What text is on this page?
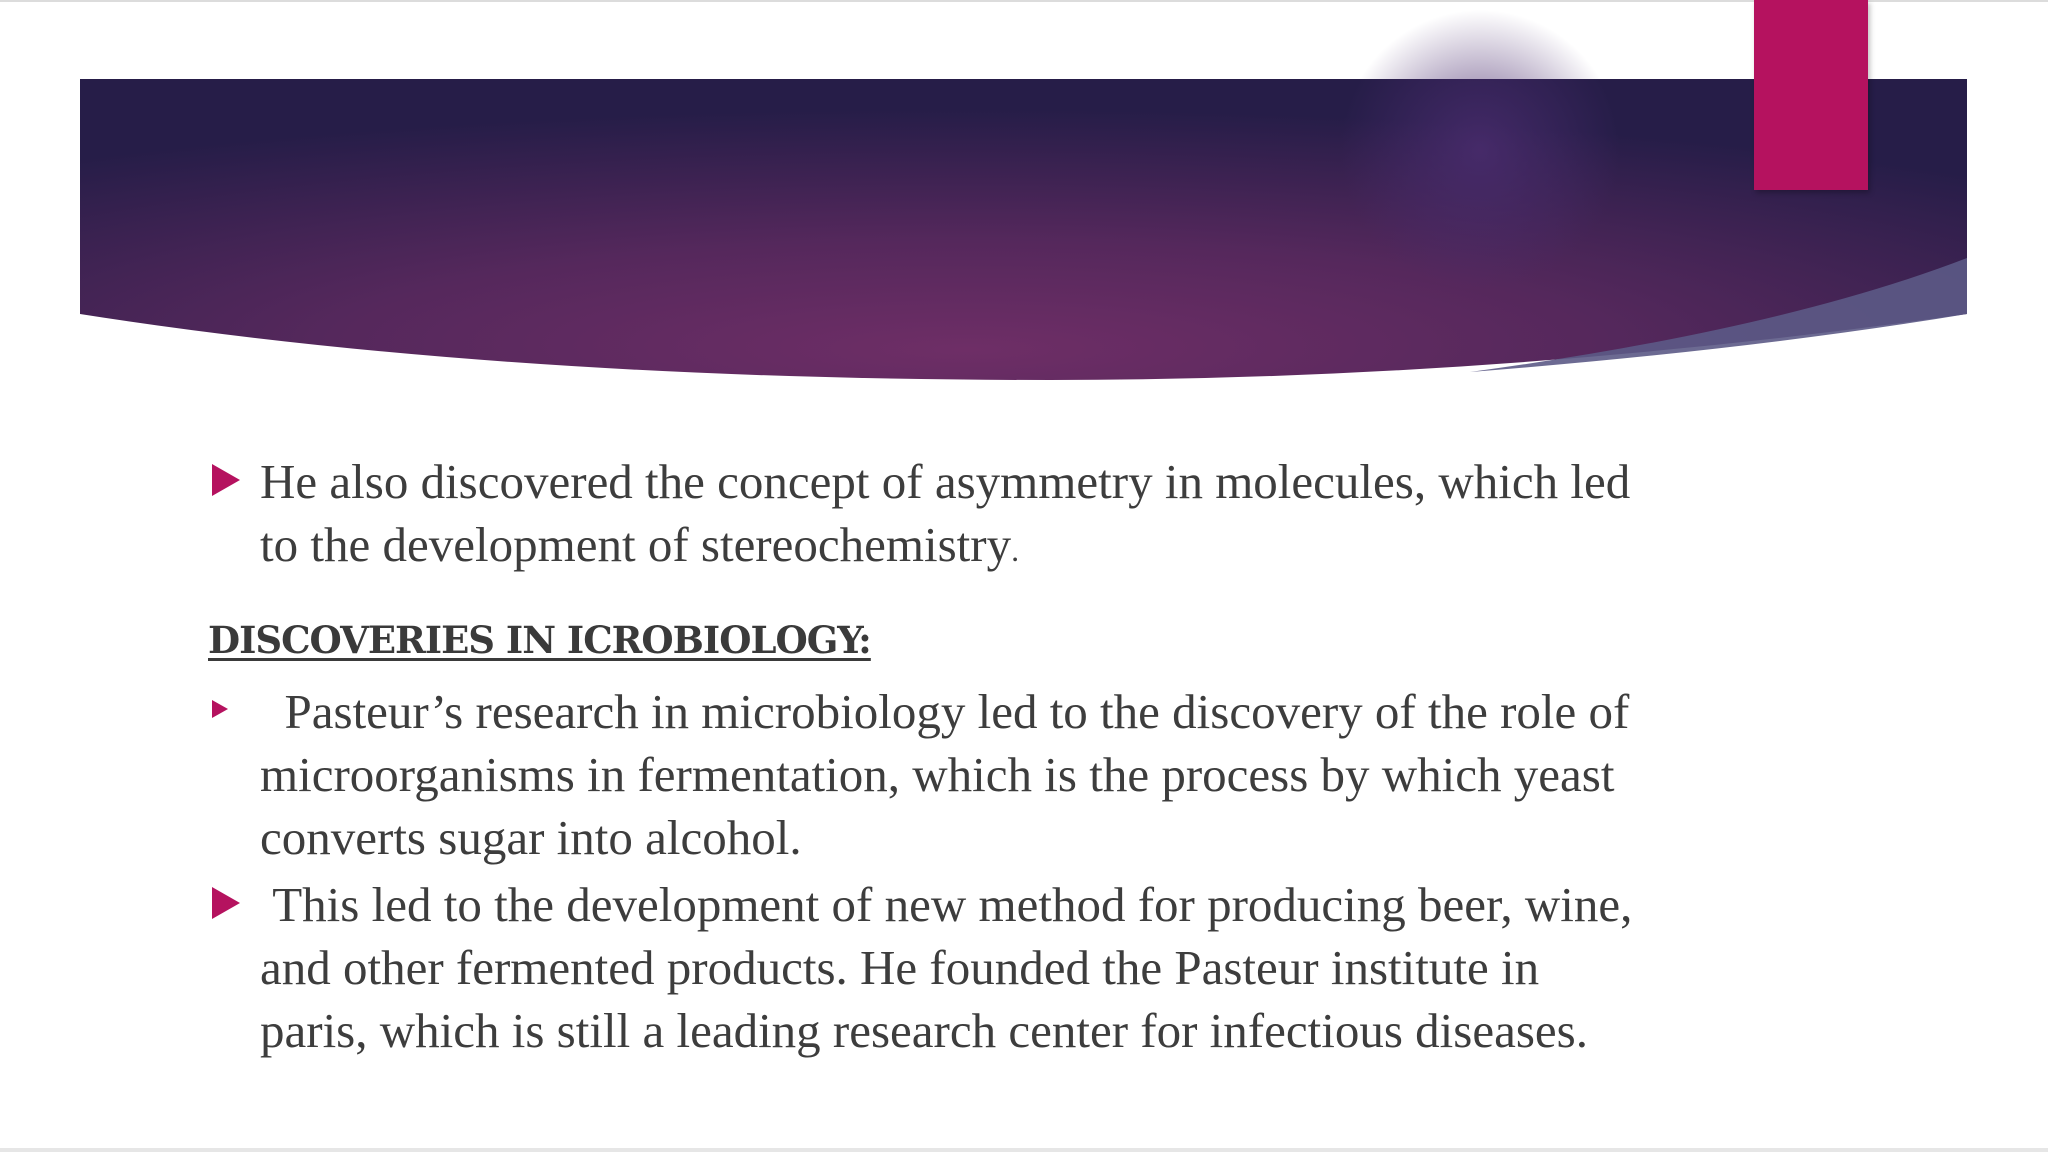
He also discovered the concept of asymmetry in molecules, which led
to the development of stereochemistry.
DISCOVERIES IN ICROBIOLOGY:
Pasteur’s research in microbiology led to the discovery of the role of
microorganisms in fermentation, which is the process by which yeast
converts sugar into alcohol.
This led to the development of new method for producing beer, wine,
and other fermented products. He founded the Pasteur institute in
paris, which is still a leading research center for infectious diseases.
